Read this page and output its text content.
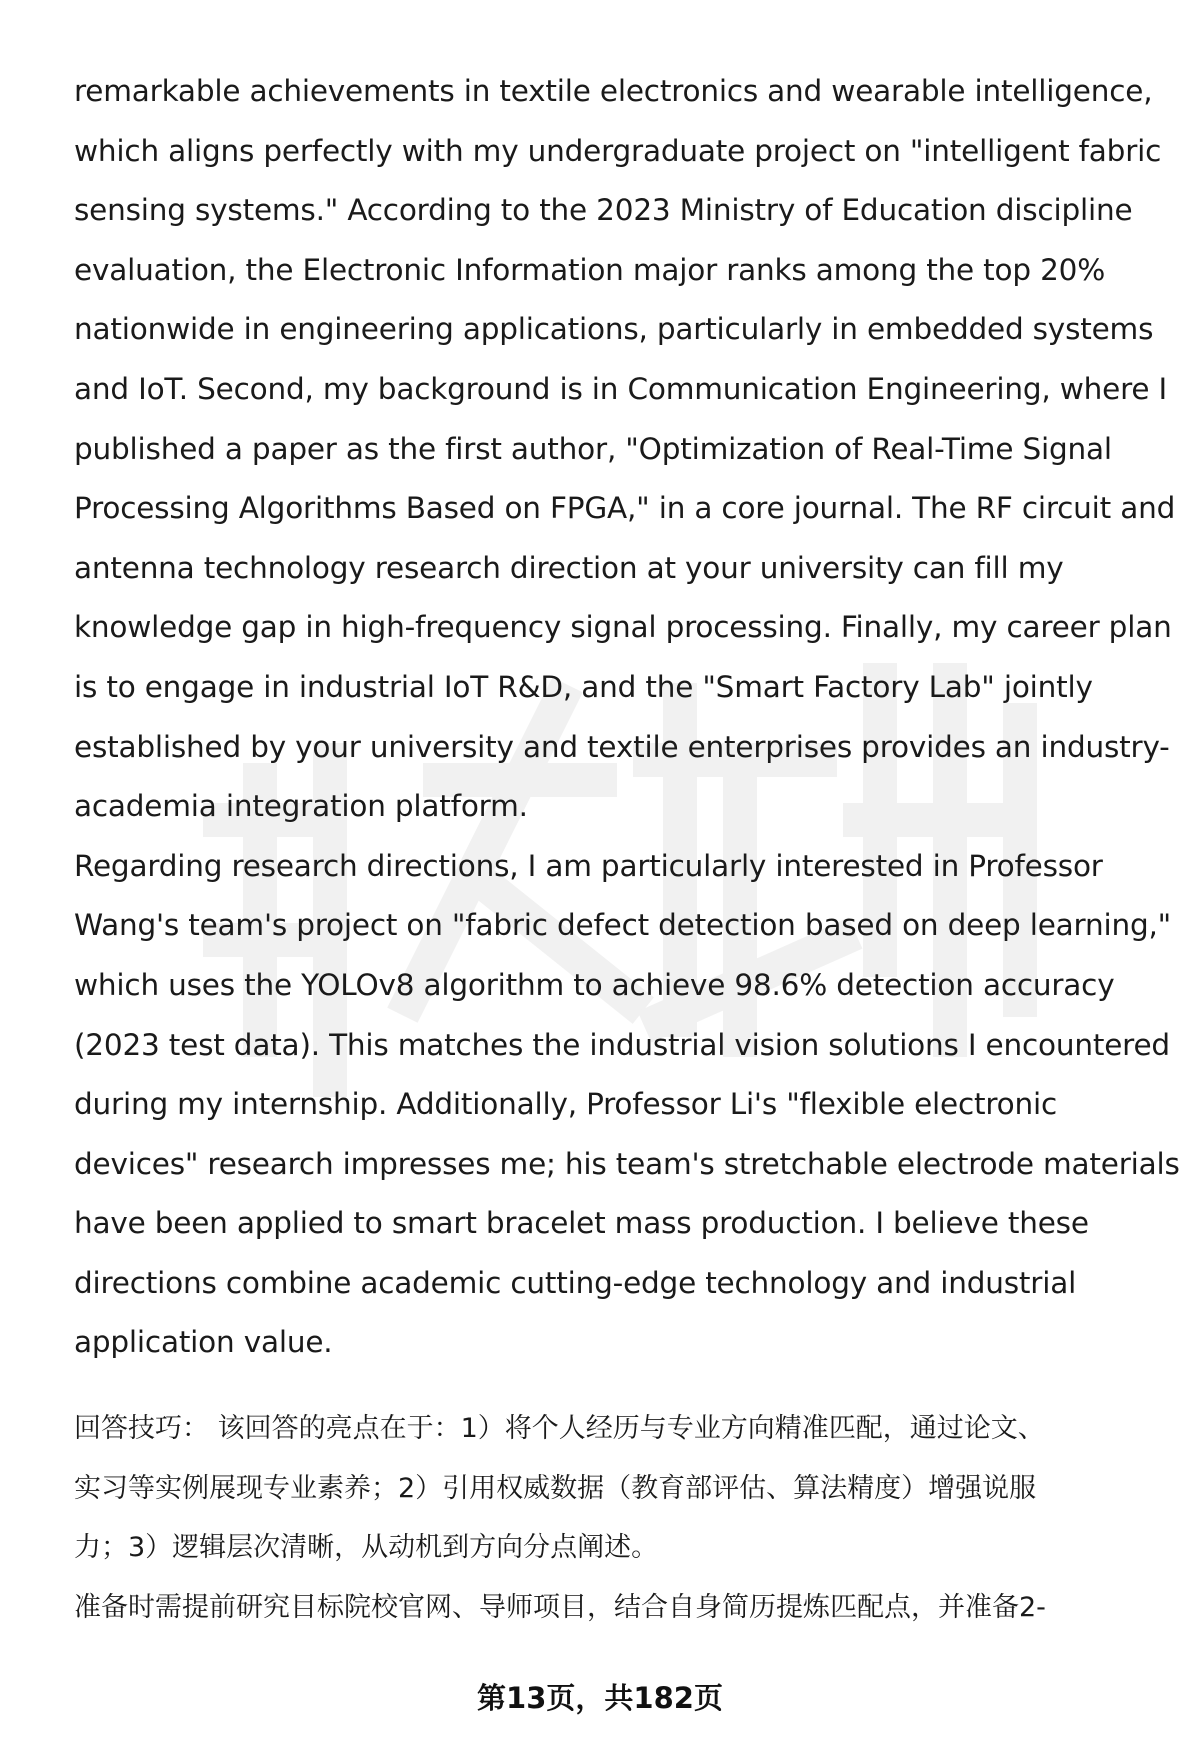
remarkable achievements in textile electronics and wearable intelligence,
which aligns perfectly with my undergraduate project on "intelligent fabric
sensing systems." According to the 2023 Ministry of Education discipline
evaluation, the Electronic Information major ranks among the top 20%
nationwide in engineering applications, particularly in embedded systems
and IoT. Second, my background is in Communication Engineering, where I
published a paper as the first author, "Optimization of Real-Time Signal
Processing Algorithms Based on FPGA," in a core journal. The RF circuit and
antenna technology research direction at your university can fill my
knowledge gap in high-frequency signal processing. Finally, my career plan
is to engage in industrial IoT R&D, and the "Smart Factory Lab" jointly
established by your university and textile enterprises provides an industry-
academia integration platform.
Regarding research directions, I am particularly interested in Professor
Wang's team's project on "fabric defect detection based on deep learning,"
which uses the YOLOv8 algorithm to achieve 98.6% detection accuracy
(2023 test data). This matches the industrial vision solutions I encountered
during my internship. Additionally, Professor Li's "flexible electronic
devices" research impresses me; his team's stretchable electrode materials
have been applied to smart bracelet mass production. I believe these
directions combine academic cutting-edge technology and industrial
application value.
回答技巧： 该回答的亮点在于：1）将个人经历与专业方向精准匹配，通过论文、
实习等实例展现专业素养；2）引用权威数据（教育部评估、算法精度）增强说服
力；3）逻辑层次清晰，从动机到方向分点阐述。
准备时需提前研究目标院校官网、导师项目，结合自身简历提炼匹配点，并准备2-
第13页，共182页
